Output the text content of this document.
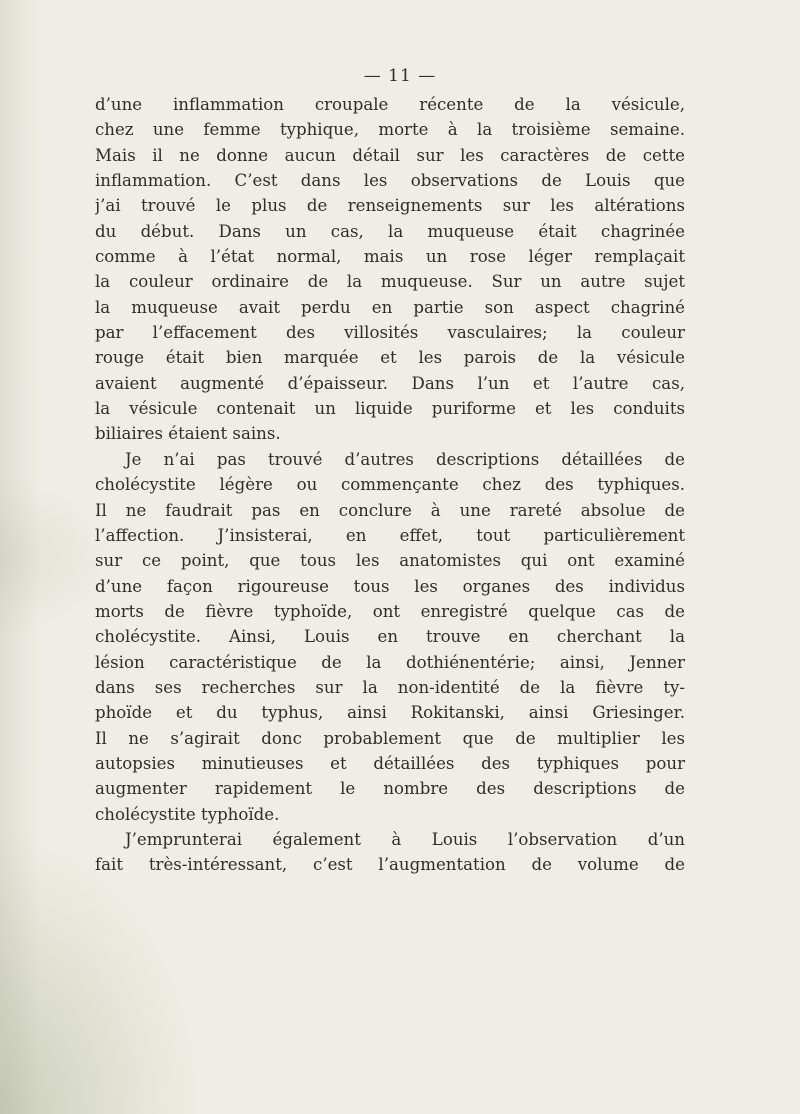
— 11 —
d’une inflammation croupale récente de la vésicule,
chez une femme typhique, morte à la troisième semaine.
Mais il ne donne aucun détail sur les caractères de cette
inflammation. C’est dans les observations de Louis que
j’ai trouvé le plus de renseignements sur les altérations
du début. Dans un cas, la muqueuse était chagrinée
comme à l’état normal, mais un rose léger remplaçait
la couleur ordinaire de la muqueuse. Sur un autre sujet
la muqueuse avait perdu en partie son aspect chagriné
par l’effacement des villosités vasculaires; la couleur
rouge était bien marquée et les parois de la vésicule
avaient augmenté d’épaisseur. Dans l’un et l’autre cas,
la vésicule contenait un liquide puriforme et les conduits
biliaires étaient sains.
Je n’ai pas trouvé d’autres descriptions détaillées de
cholécystite légère ou commençante chez des typhiques.
Il ne faudrait pas en conclure à une rareté absolue de
l’affection. J’insisterai, en effet, tout particulièrement
sur ce point, que tous les anatomistes qui ont examiné
d’une façon rigoureuse tous les organes des individus
morts de fièvre typhoïde, ont enregistré quelque cas de
cholécystite. Ainsi, Louis en trouve en cherchant la
lésion caractéristique de la dothiénentérie; ainsi, Jenner
dans ses recherches sur la non-identité de la fièvre ty-
phoïde et du typhus, ainsi Rokitanski, ainsi Griesinger.
Il ne s’agirait donc probablement que de multiplier les
autopsies minutieuses et détaillées des typhiques pour
augmenter rapidement le nombre des descriptions de
cholécystite typhoïde.
J’emprunterai également à Louis l’observation d’un
fait très-intéressant, c’est l’augmentation de volume de
